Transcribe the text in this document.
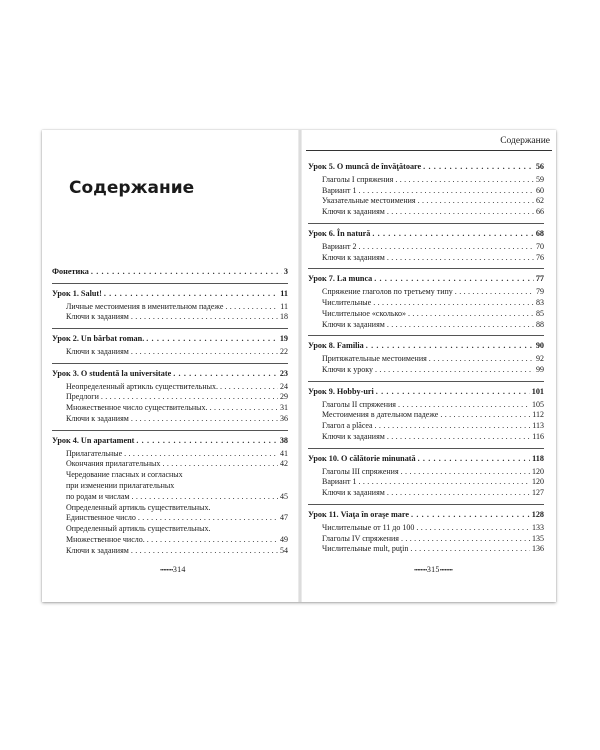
Содержание
Фонетика . . .	3
Урок 1. Salut! . . .	11
Личные местоимения в именительном падеже . . .	11
Ключи к заданиям . . .	18
Урок 2. Un bărbat roman. . . .	19
Ключи к заданиям . . .	22
Урок 3. O studentă la universitate . . .	23
Неопределенный артикль существительных. . . .	24
Предлоги . . .	29
Множественное число существительных. . . .	31
Ключи к заданиям . . .	36
Урок 4. Un apartament . . .	38
Прилагательные . . .	41
Окончания прилагательных . . .	42
Чередование гласных и согласных
при изменении прилагательных
по родам и числам . . .	45
Определенный артикль существительных.
Единственное число . . .	47
Определенный артикль существительных.
Множественное число. . . .	49
Ключи к заданиям . . .	54
••••••••314
Содержание
Урок 5. O muncă de învăţătoare . . .	56
Глаголы I спряжения . . .	59
Вариант 1 . . .	60
Указательные местоимения . . .	62
Ключи к заданиям . . .	66
Урок 6. În natură . . .	68
Вариант 2 . . .	70
Ключи к заданиям . . .	76
Урок 7. La munca . . .	77
Спряжение глаголов по третьему типу . . .	79
Числительные . . .	83
Числительное «сколько» . . .	85
Ключи к заданиям . . .	88
Урок 8. Familia . . .	90
Притяжательные местоимения . . .	92
Ключи к уроку . . .	99
Урок 9. Hobby-uri . . .	101
Глаголы II спряжения . . .	105
Местоимения в дательном падеже . . .	112
Глагол a plăcea . . .	113
Ключи к заданиям . . .	116
Урок 10. O călătorie minunată . . .	118
Глаголы III спряжения . . .	120
Вариант 1 . . .	120
Ключи к заданиям . . .	127
Урок 11. Viaţa în oraşe mare . . .	128
Числительные от 11 до 100 . . .	133
Глаголы IV спряжения . . .	135
Числительные mult, puţin . . .	136
••••••••315••••••••
